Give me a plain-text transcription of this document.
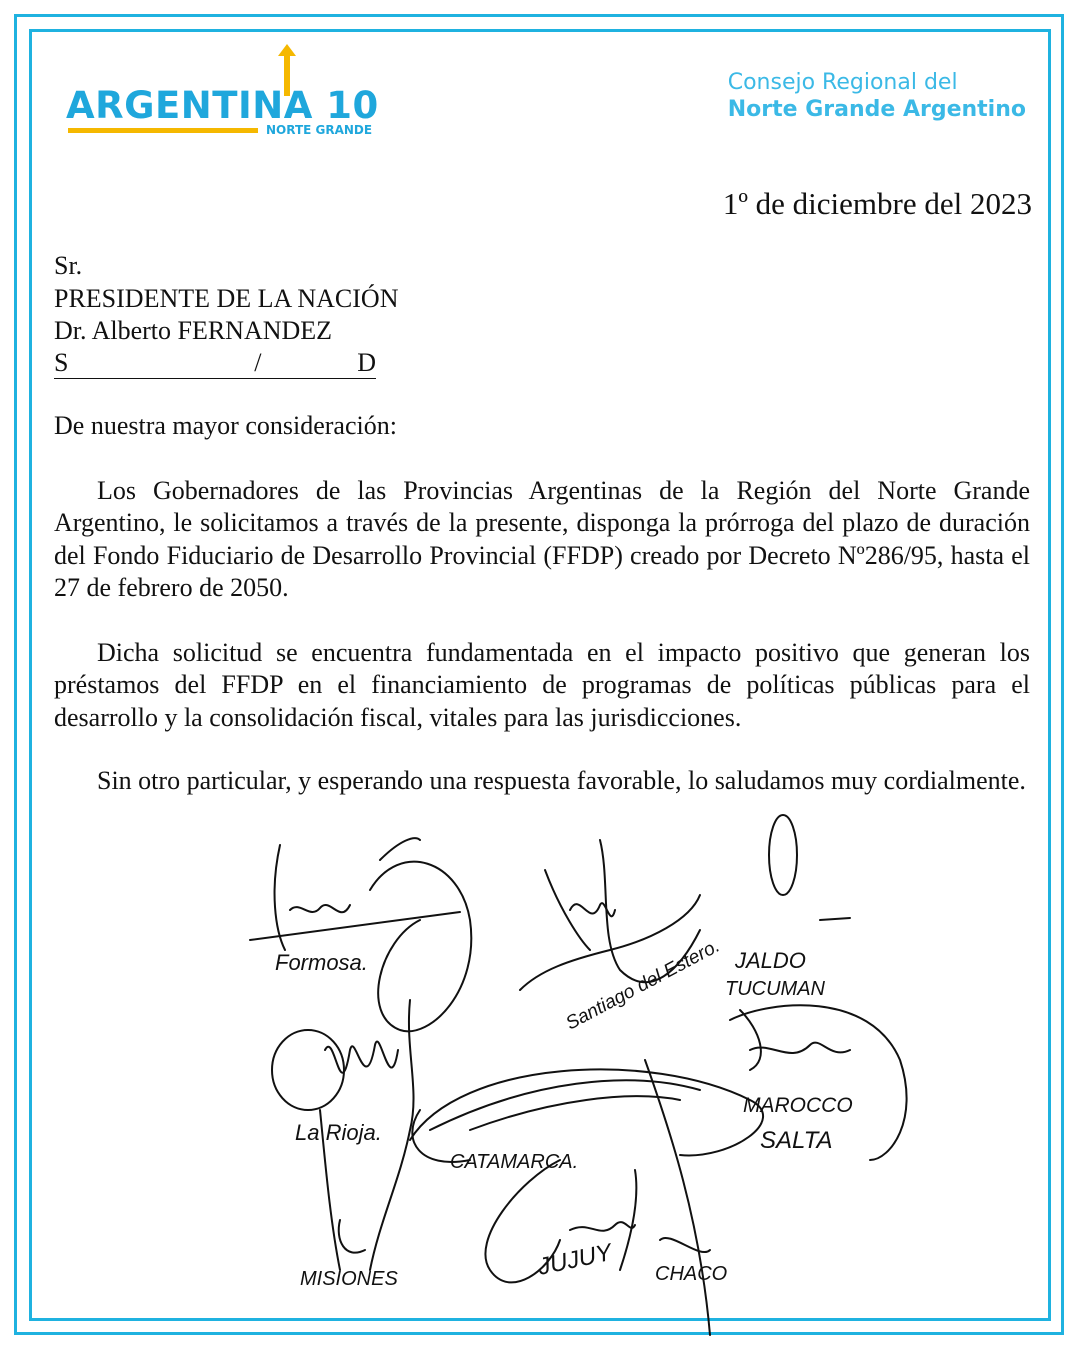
ARGENTINA 10
NORTE GRANDE
Consejo Regional del
Norte Grande Argentino
1º de diciembre del 2023
Sr.
PRESIDENTE DE LA NACIÓN
Dr. Alberto FERNANDEZ
S	/	D
De nuestra mayor consideración:

Los Gobernadores de las Provincias Argentinas de la Región del Norte Grande Argentino, le solicitamos a través de la presente, disponga la prórroga del plazo de duración del Fondo Fiduciario de Desarrollo Provincial (FFDP) creado por Decreto Nº286/95, hasta el 27 de febrero de 2050.

Dicha solicitud se encuentra fundamentada en el impacto positivo que generan los préstamos del FFDP en el financiamiento de programas de políticas públicas para el desarrollo y la consolidación fiscal, vitales para las jurisdicciones.

Sin otro particular, y esperando una respuesta favorable, lo saludamos muy cordialmente.

Formosa.
La Rioja.
MISIONES
Santiago del Estero. JALDO
TUCUMAN
MAROCCO
SALTA
CATAMARCA.
JUJUY CHACO
